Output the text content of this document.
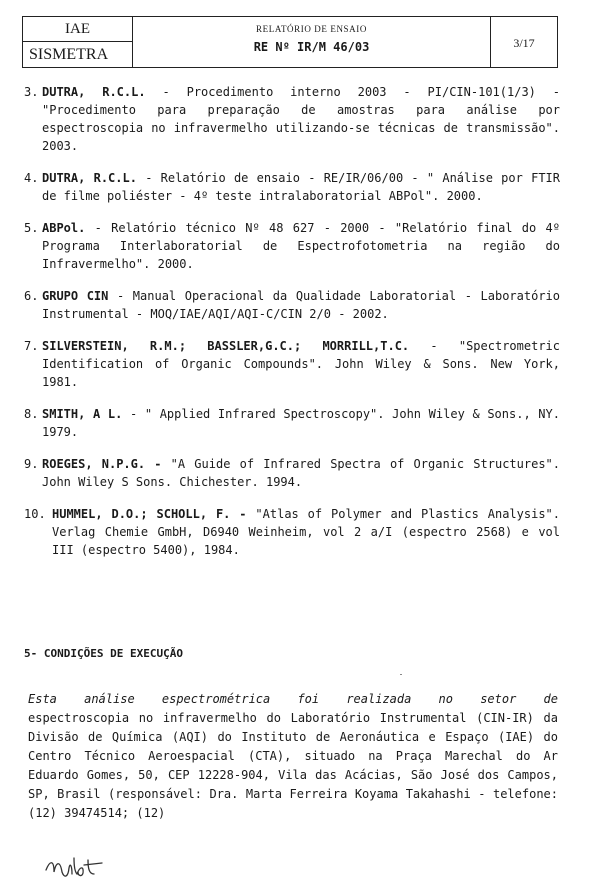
IAE
SISMETRA
RELATÓRIO DE ENSAIO
RE Nº IR/M 46/03	3/17
3. DUTRA, R.C.L. - Procedimento interno 2003 - PI/CIN-101(1/3) - "Procedimento para preparação de amostras para análise por espectroscopia no infravermelho utilizando-se técnicas de transmissão". 2003.
4. DUTRA, R.C.L. - Relatório de ensaio - RE/IR/06/00 - " Análise por FTIR de filme poliéster - 4º teste intralaboratorial ABPol". 2000.
5. ABPol. - Relatório técnico Nº 48 627 - 2000 - "Relatório final do 4º Programa Interlaboratorial de Espectrofotometria na região do Infravermelho". 2000.
6. GRUPO CIN - Manual Operacional da Qualidade Laboratorial - Laboratório Instrumental - MOQ/IAE/AQI/AQI-C/CIN 2/0 - 2002.
7. SILVERSTEIN, R.M.; BASSLER,G.C.; MORRILL,T.C. - "Spectrometric Identification of Organic Compounds". John Wiley & Sons. New York, 1981.
8. SMITH, A L. - " Applied Infrared Spectroscopy". John Wiley & Sons., NY. 1979.
9. ROEGES, N.P.G. - "A Guide of Infrared Spectra of Organic Structures". John Wiley S Sons. Chichester. 1994.
10. HUMMEL, D.O.; SCHOLL, F. - "Atlas of Polymer and Plastics Analysis". Verlag Chemie GmbH, D6940 Weinheim, vol 2 a/I (espectro 2568) e vol III (espectro 5400), 1984.
5- CONDIÇÕES DE EXECUÇÃO
Esta análise espectrométrica foi realizada no setor de
espectroscopia no infravermelho do Laboratório Instrumental (CIN-IR) da Divisão de Química (AQI) do Instituto de Aeronáutica e Espaço (IAE) do Centro Técnico Aeroespacial (CTA), situado na Praça Marechal do Ar Eduardo Gomes, 50, CEP 12228-904, Vila das Acácias, São José dos Campos, SP, Brasil (responsável: Dra. Marta Ferreira Koyama Takahashi - telefone: (12) 39474514; (12)
